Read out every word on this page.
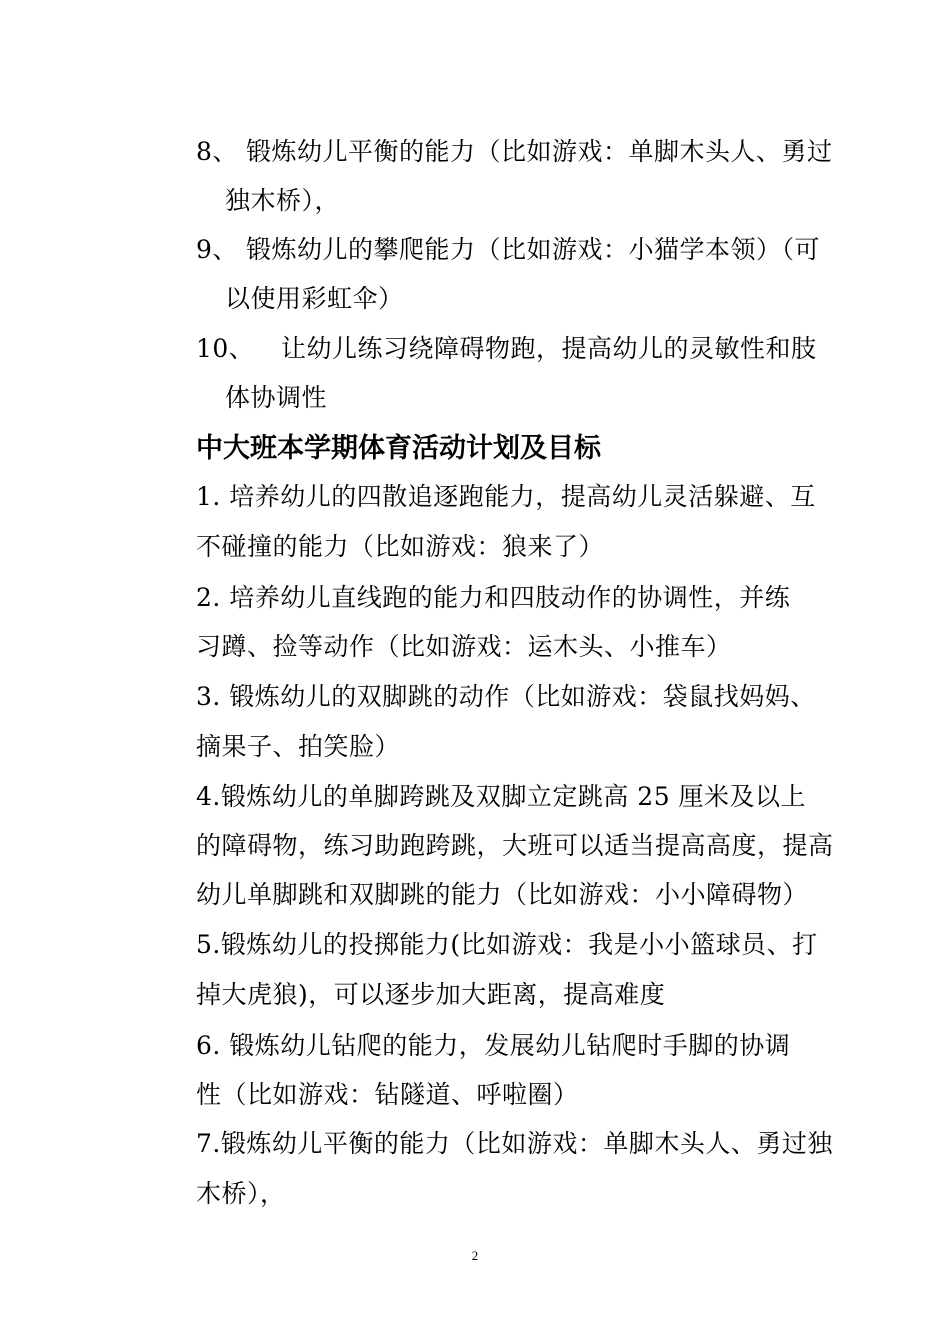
8、 锻炼幼儿平衡的能力（比如游戏：单脚木头人、勇过
独木桥），
9、 锻炼幼儿的攀爬能力（比如游戏：小猫学本领）（可
以使用彩虹伞）
10、 让幼儿练习绕障碍物跑，提高幼儿的灵敏性和肢
体协调性
中大班本学期体育活动计划及目标
1. 培养幼儿的四散追逐跑能力，提高幼儿灵活躲避、互
不碰撞的能力（比如游戏：狼来了）
2. 培养幼儿直线跑的能力和四肢动作的协调性，并练
习蹲、捡等动作（比如游戏：运木头、小推车）
3. 锻炼幼儿的双脚跳的动作（比如游戏：袋鼠找妈妈、
摘果子、拍笑脸）
4.锻炼幼儿的单脚跨跳及双脚立定跳高 25 厘米及以上
的障碍物，练习助跑跨跳，大班可以适当提高高度，提高
幼儿单脚跳和双脚跳的能力（比如游戏：小小障碍物）
5.锻炼幼儿的投掷能力(比如游戏：我是小小篮球员、打
掉大虎狼)，可以逐步加大距离，提高难度
6. 锻炼幼儿钻爬的能力，发展幼儿钻爬时手脚的协调
性（比如游戏：钻隧道、呼啦圈）
7.锻炼幼儿平衡的能力（比如游戏：单脚木头人、勇过独
木桥），
2
